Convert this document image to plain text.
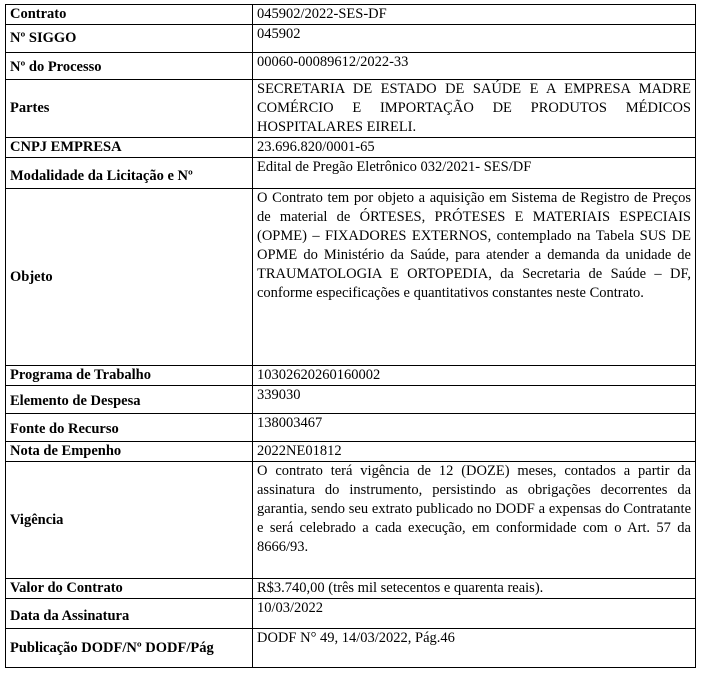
Contrato	045902/2022-SES-DF
Nº SIGGO	045902
Nº do Processo	00060-00089612/2022-33
Partes	SECRETARIA DE ESTADO DE SAÚDE E A EMPRESA MADRE COMÉRCIO E IMPORTAÇÃO DE PRODUTOS MÉDICOS HOSPITALARES EIRELI.
CNPJ EMPRESA	23.696.820/0001-65
Modalidade da Licitação e Nº	Edital de Pregão Eletrônico 032/2021- SES/DF
Objeto	O Contrato tem por objeto a aquisição em Sistema de Registro de Preços de material de ÓRTESES, PRÓTESES E MATERIAIS ESPECIAIS (OPME) – FIXADORES EXTERNOS, contemplado na Tabela SUS DE OPME do Ministério da Saúde, para atender a demanda da unidade de TRAUMATOLOGIA E ORTOPEDIA, da Secretaria de Saúde – DF, conforme especificações e quantitativos constantes neste Contrato.
Programa de Trabalho	10302620260160002
Elemento de Despesa	339030
Fonte do Recurso	138003467
Nota de Empenho	2022NE01812
Vigência	O contrato terá vigência de 12 (DOZE) meses, contados a partir da assinatura do instrumento, persistindo as obrigações decorrentes da garantia, sendo seu extrato publicado no DODF a expensas do Contratante e será celebrado a cada execução, em conformidade com o Art. 57 da 8666/93.
Valor do Contrato	R$3.740,00 (três mil setecentos e quarenta reais).
Data da Assinatura	10/03/2022
Publicação DODF/Nº DODF/Pág	DODF N° 49, 14/03/2022, Pág.46
